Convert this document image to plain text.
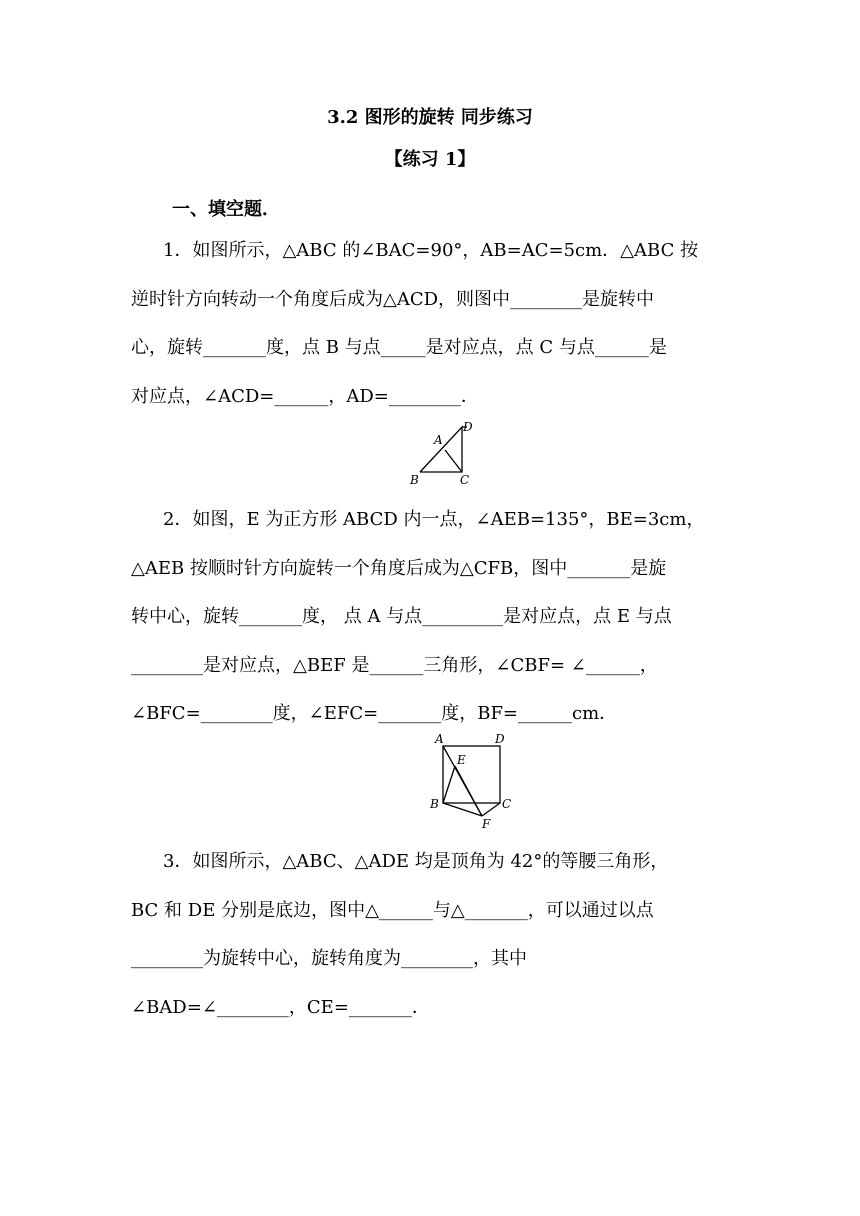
3.2 图形的旋转 同步练习
【练习 1】
一、填空题．
1．如图所示，△ABC 的∠BAC=90°，AB=AC=5cm．△ABC 按
逆时针方向转动一个角度后成为△ACD，则图中________是旋转中
心，旋转_______度，点 B 与点_____是对应点，点 C 与点______是
对应点，∠ACD=______，AD=________．
A
D
B	C
2．如图，E 为正方形 ABCD 内一点，∠AEB=135°，BE=3cm，
△AEB 按顺时针方向旋转一个角度后成为△CFB，图中_______是旋
转中心，旋转_______度， 点 A 与点_________是对应点，点 E 与点
________是对应点，△BEF 是______三角形，∠CBF= ∠______，
∠BFC=________度，∠EFC=_______度，BF=______cm．
A	D
E
B	C
F
3．如图所示，△ABC、△ADE 均是顶角为 42°的等腰三角形，
BC 和 DE 分别是底边，图中△______与△_______，可以通过以点
________为旋转中心，旋转角度为________，其中
∠BAD=∠________，CE=_______．
